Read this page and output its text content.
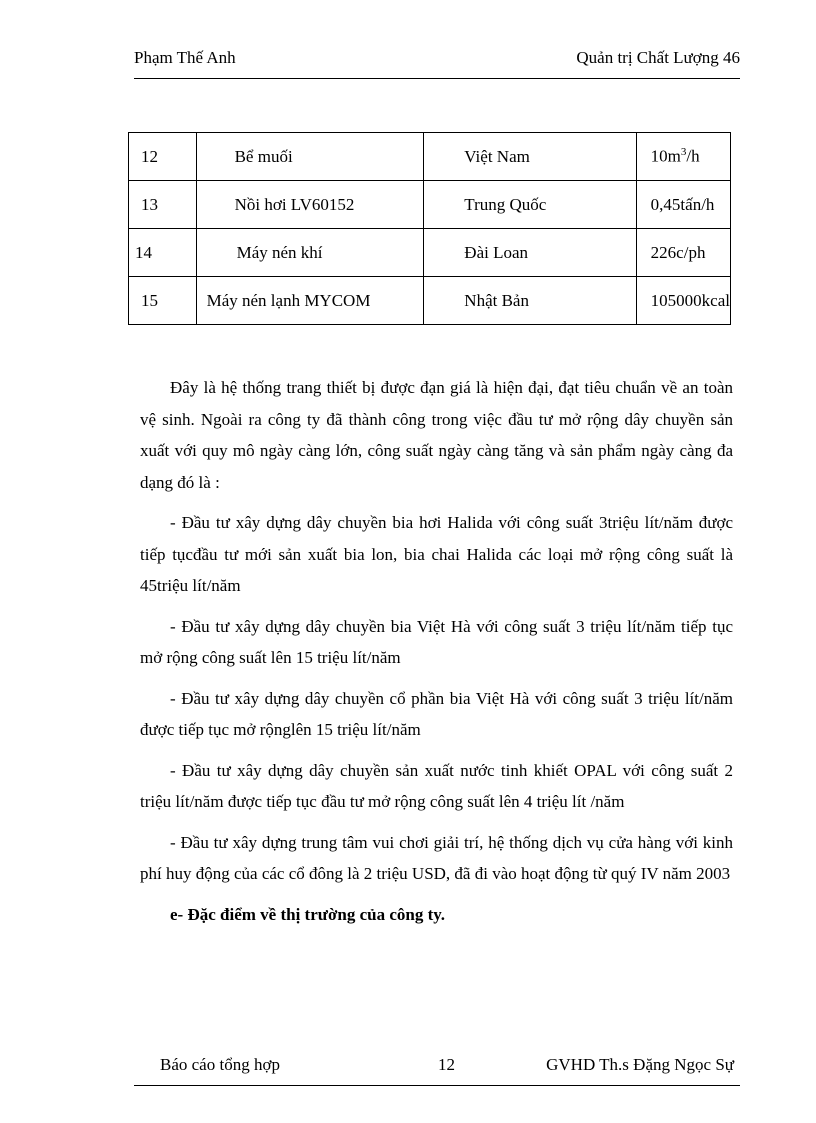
Phạm Thế Anh	Quản trị Chất Lượng 46
12	Bể muối	Việt Nam	$10m^3/h$
13	Nồi hơi LV60152	Trung Quốc	0,45tấn/h
14	Máy nén khí	Đài Loan	226c/ph
15	Máy nén lạnh MYCOM	Nhật Bản	105000kcal

Đây là hệ thống trang thiết bị được đạn giá là hiện đại, đạt tiêu chuẩn về an toàn vệ sinh. Ngoài ra công ty đã thành công trong việc đầu tư mở rộng dây chuyền sản xuất với quy mô ngày càng lớn, công suất ngày càng tăng và sản phẩm ngày càng đa dạng đó là :

- Đầu tư xây dựng dây chuyền bia hơi Halida với công suất 3triệu lít/năm được tiếp tụcđầu tư mới sản xuất bia lon, bia chai Halida các loại mở rộng công suất là 45triệu lít/năm

- Đầu tư xây dựng dây chuyền bia Việt Hà với công suất 3 triệu lít/năm tiếp tục mở rộng công suất lên 15 triệu lít/năm

- Đầu tư xây dựng dây chuyền cổ phần bia Việt Hà với công suất 3 triệu lít/năm được tiếp tục mở rộnglên 15 triệu lít/năm

- Đầu tư xây dựng dây chuyền sản xuất nước tinh khiết OPAL với công suất 2 triệu lít/năm được tiếp tục đầu tư mở rộng công suất lên 4 triệu lít /năm

- Đầu tư xây dựng trung tâm vui chơi giải trí, hệ thống dịch vụ cửa hàng với kinh phí huy động của các cổ đông là 2 triệu USD, đã đi vào hoạt động từ quý IV năm 2003

e- Đặc điểm về thị trường của công ty.

Báo cáo tổng hợp	12	GVHD Th.s Đặng Ngọc Sự
